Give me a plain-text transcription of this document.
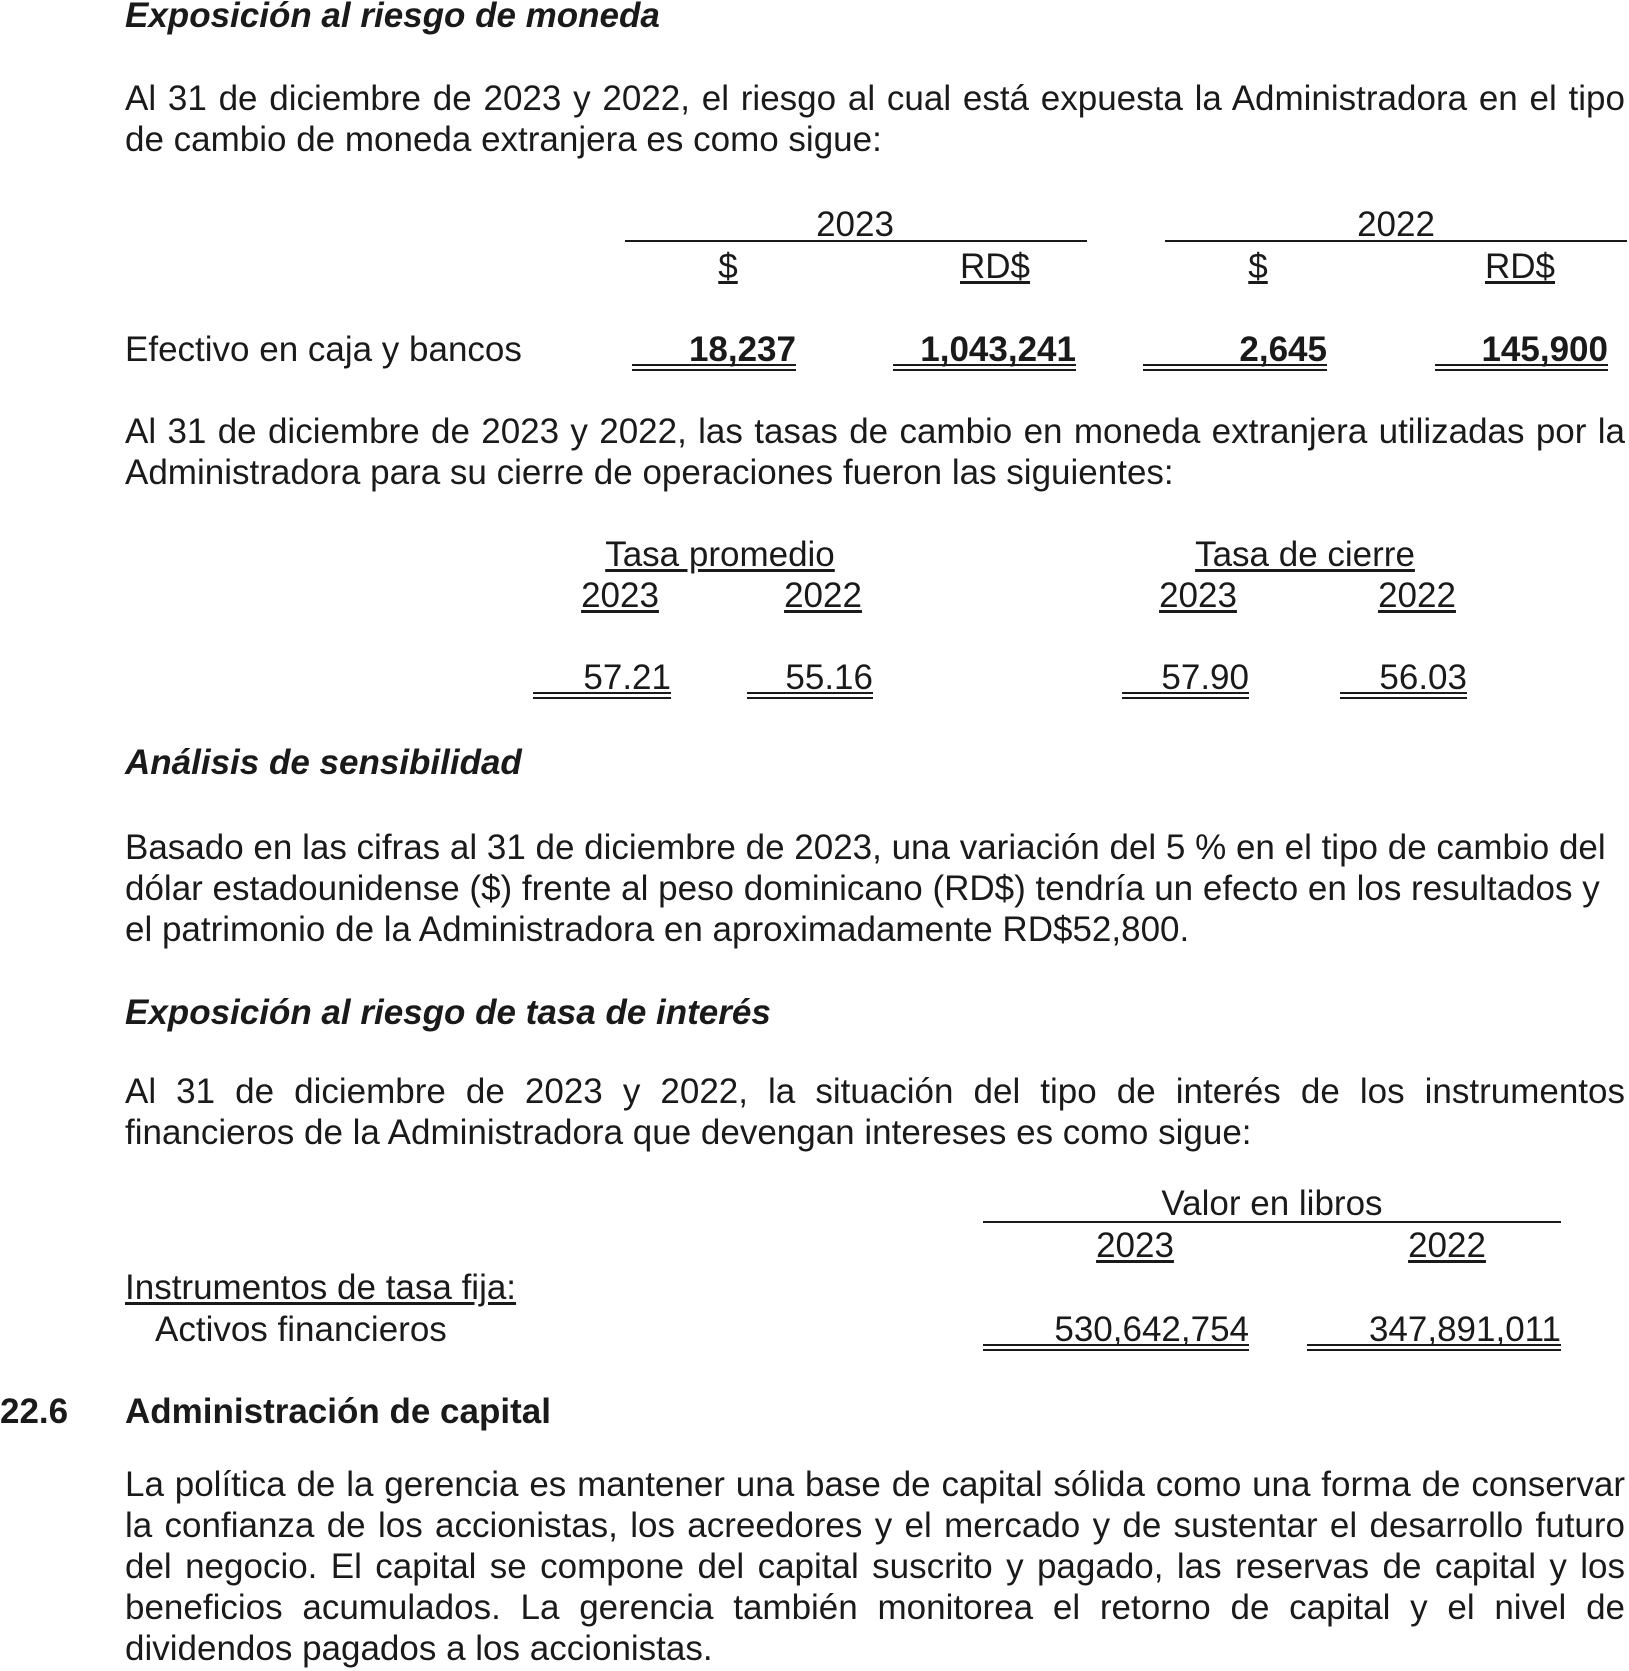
Exposición al riesgo de moneda
Al 31 de diciembre de 2023 y 2022, el riesgo al cual está expuesta la Administradora en el tipo de cambio de moneda extranjera es como sigue:
2023	2022
$	RD$	$	RD$
Efectivo en caja y bancos	18,237	1,043,241	2,645	145,900
Al 31 de diciembre de 2023 y 2022, las tasas de cambio en moneda extranjera utilizadas por la Administradora para su cierre de operaciones fueron las siguientes:
Tasa promedio	Tasa de cierre
2023	2022	2023	2022
57.21	55.16	57.90	56.03
Análisis de sensibilidad
Basado en las cifras al 31 de diciembre de 2023, una variación del 5 % en el tipo de cambio del dólar estadounidense ($) frente al peso dominicano (RD$) tendría un efecto en los resultados y el patrimonio de la Administradora en aproximadamente RD$52,800.
Exposición al riesgo de tasa de interés
Al 31 de diciembre de 2023 y 2022, la situación del tipo de interés de los instrumentos financieros de la Administradora que devengan intereses es como sigue:
Valor en libros
2023	2022
Instrumentos de tasa fija:
Activos financieros	530,642,754	347,891,011
22.6 Administración de capital
La política de la gerencia es mantener una base de capital sólida como una forma de conservar la confianza de los accionistas, los acreedores y el mercado y de sustentar el desarrollo futuro del negocio. El capital se compone del capital suscrito y pagado, las reservas de capital y los beneficios acumulados. La gerencia también monitorea el retorno de capital y el nivel de dividendos pagados a los accionistas.
